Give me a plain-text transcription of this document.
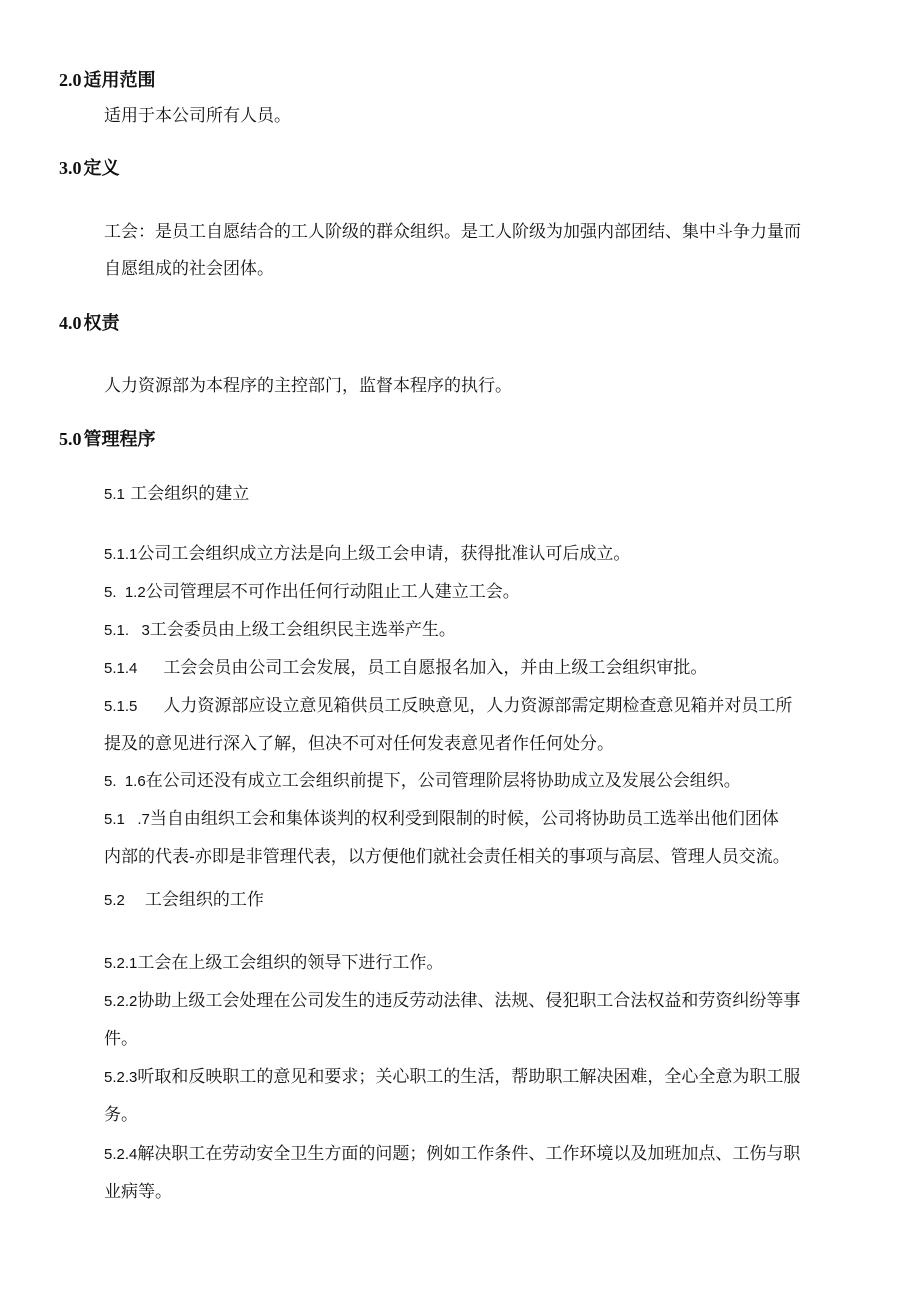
2.0 适用范围
适用于本公司所有人员。
3.0 定义
工会：是员工自愿结合的工人阶级的群众组织。是工人阶级为加强内部团结、集中斗争力量而
自愿组成的社会团体。
4.0 权责
人力资源部为本程序的主控部门，监督本程序的执行。
5.0 管理程序
5.1 工会组织的建立
5.1.1公司工会组织成立方法是向上级工会申请，获得批准认可后成立。
5.  1.2公司管理层不可作出任何行动阻止工人建立工会。
5.1.   3工会委员由上级工会组织民主选举产生。
5.1.4 工会会员由公司工会发展，员工自愿报名加入，并由上级工会组织审批。
5.1.5 人力资源部应设立意见箱供员工反映意见，人力资源部需定期检查意见箱并对员工所
提及的意见进行深入了解，但决不可对任何发表意见者作任何处分。
5.  1.6在公司还没有成立工会组织前提下，公司管理阶层将协助成立及发展公会组织。
5.1   .7当自由组织工会和集体谈判的权利受到限制的时候，公司将协助员工选举出他们团体
内部的代表-亦即是非管理代表，以方便他们就社会责任相关的事项与高层、管理人员交流。
5.2 工会组织的工作
5.2.1工会在上级工会组织的领导下进行工作。
5.2.2协助上级工会处理在公司发生的违反劳动法律、法规、侵犯职工合法权益和劳资纠纷等事
件。
5.2.3听取和反映职工的意见和要求；关心职工的生活，帮助职工解决困难，全心全意为职工服
务。
5.2.4解决职工在劳动安全卫生方面的问题；例如工作条件、工作环境以及加班加点、工伤与职
业病等。
